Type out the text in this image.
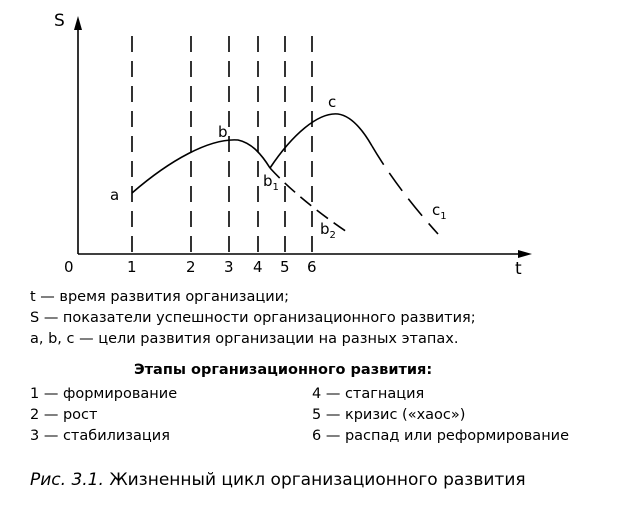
S
t
0	1	2 3 4 5 6
a
b
$b_1$
$b_2$
c
$c_1$
t — время развития организации;
S — показатели успешности организационного развития;
a, b, c — цели развития организации на разных этапах.
Этапы организационного развития:
1 — формирование
2 — рост
3 — стабилизация
4 — стагнация
5 — кризис («хаос»)
6 — распад или реформирование
Рис. 3.1. Жизненный цикл организационного развития
